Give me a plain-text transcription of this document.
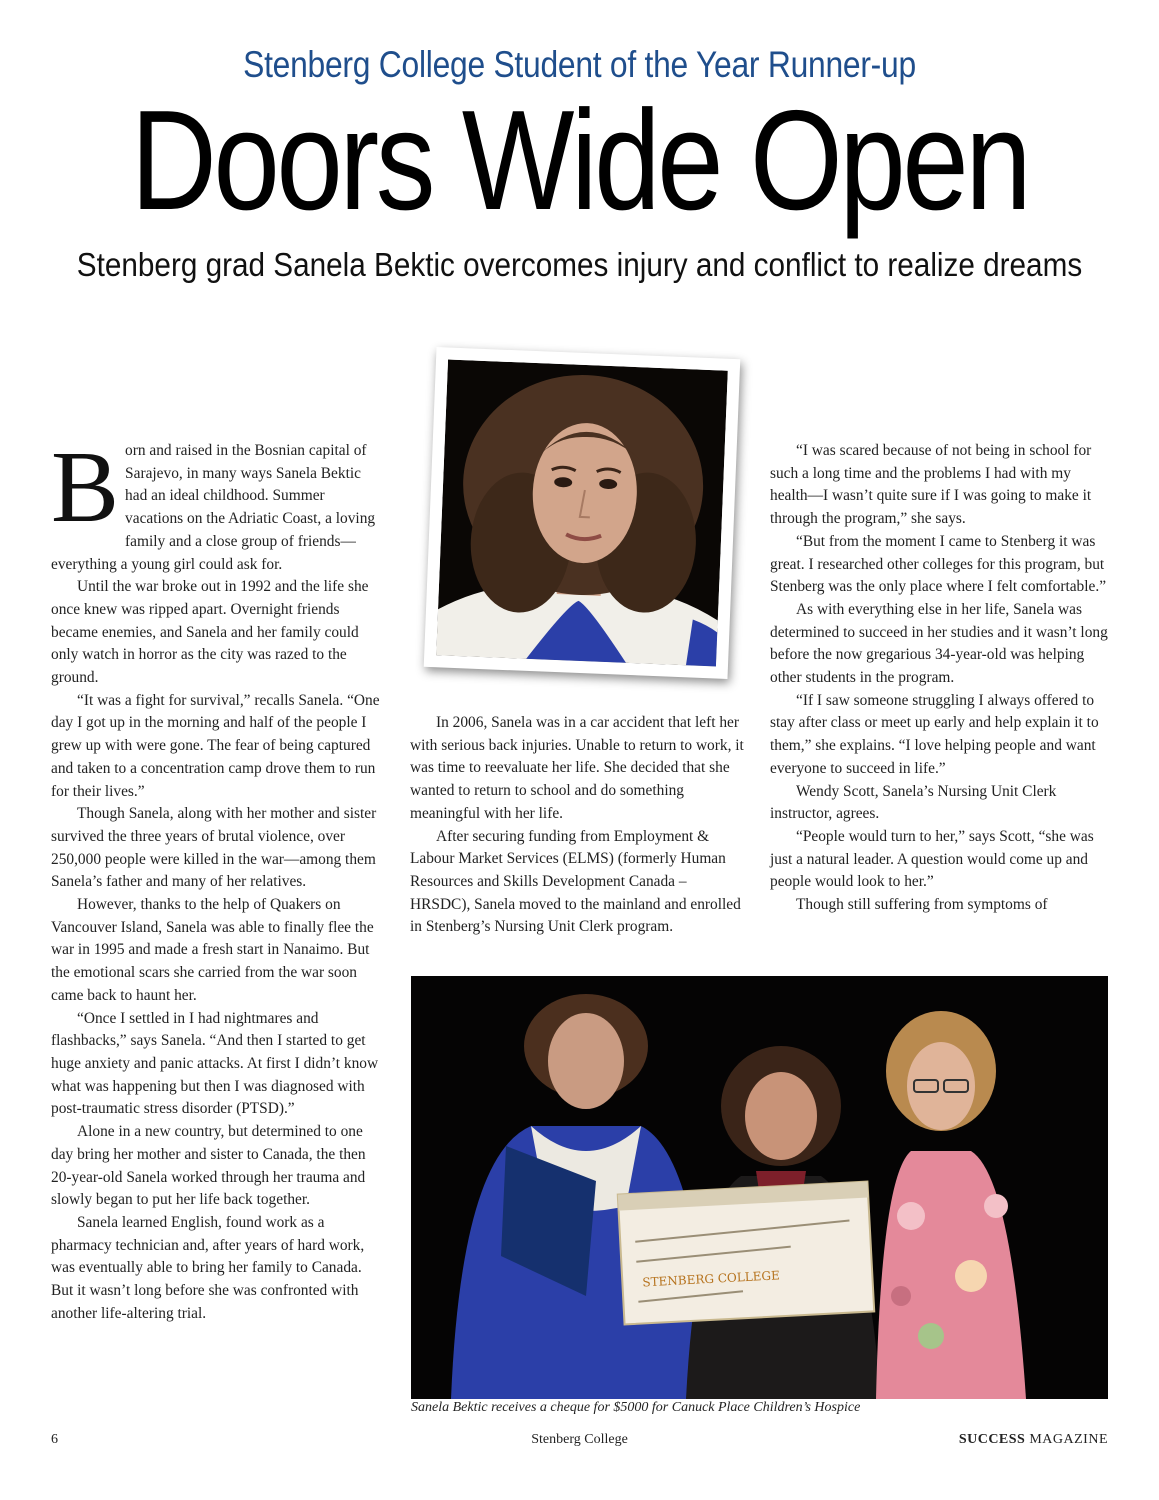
Stenberg College Student of the Year Runner-up
Doors Wide Open
Stenberg grad Sanela Bektic overcomes injury and conflict to realize dreams

Born and raised in the Bosnian capital of Sarajevo, in many ways Sanela Bektic had an ideal childhood. Summer vacations on the Adriatic Coast, a loving family and a close group of friends—everything a young girl could ask for.

Until the war broke out in 1992 and the life she once knew was ripped apart. Overnight friends became enemies, and Sanela and her family could only watch in horror as the city was razed to the ground.

“It was a fight for survival,” recalls Sanela. “One day I got up in the morning and half of the people I grew up with were gone. The fear of being captured and taken to a concentration camp drove them to run for their lives.”

Though Sanela, along with her mother and sister survived the three years of brutal violence, over 250,000 people were killed in the war—among them Sanela’s father and many of her relatives.

However, thanks to the help of Quakers on Vancouver Island, Sanela was able to finally flee the war in 1995 and made a fresh start in Nanaimo. But the emotional scars she carried from the war soon came back to haunt her.

“Once I settled in I had nightmares and flashbacks,” says Sanela. “And then I started to get huge anxiety and panic attacks. At first I didn’t know what was happening but then I was diagnosed with post-traumatic stress disorder (PTSD).”

Alone in a new country, but determined to one day bring her mother and sister to Canada, the then 20-year-old Sanela worked through her trauma and slowly began to put her life back together.

Sanela learned English, found work as a pharmacy technician and, after years of hard work, was eventually able to bring her family to Canada. But it wasn’t long before she was confronted with another life-altering trial.

In 2006, Sanela was in a car accident that left her with serious back injuries. Unable to return to work, it was time to reevaluate her life. She decided that she wanted to return to school and do something meaningful with her life.

After securing funding from Employment & Labour Market Services (ELMS) (formerly Human Resources and Skills Development Canada – HRSDC), Sanela moved to the mainland and enrolled in Stenberg’s Nursing Unit Clerk program.

“I was scared because of not being in school for such a long time and the problems I had with my health—I wasn’t quite sure if I was going to make it through the program,” she says.

“But from the moment I came to Stenberg it was great. I researched other colleges for this program, but Stenberg was the only place where I felt comfortable.”

As with everything else in her life, Sanela was determined to succeed in her studies and it wasn’t long before the now gregarious 34-year-old was helping other students in the program.

“If I saw someone struggling I always offered to stay after class or meet up early and help explain it to them,” she explains. “I love helping people and want everyone to succeed in life.”

Wendy Scott, Sanela’s Nursing Unit Clerk instructor, agrees.

“People would turn to her,” says Scott, “she was just a natural leader. A question would come up and people would look to her.”

Though still suffering from symptoms of

STENBERG COLLEGE
Sanela Bektic receives a cheque for $5000 for Canuck Place Children’s Hospice
6	Stenberg College	SUCCESS MAGAZINE
